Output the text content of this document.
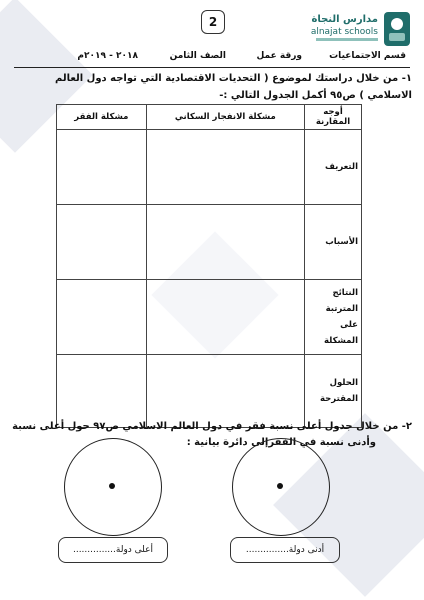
2	مدارس النجاة
alnajat schools
قسم الاجتماعيات
ورقة عمل
الصف الثامن
٢٠١٨ - ٢٠١٩م
١- من خلال دراستك لموضوع ( التحديات الاقتصادية التي تواجه دول العالم
الاسلامي ) ص٩٥ أكمل الجدول التالي :-
أوجه المقارنة	مشكلة الانفجار السكاني	مشكلة الفقر
التعريف		
الأسباب		
النتائج المترتبة على المشكلة		
الحلول المقترحة		
٢- من خلال جدول أعلى نسبة فقر في دول العالم الاسلامي ص٩٧ حول أعلى نسبة
وأدنى نسبة في الفقرإلى دائرة بيانية :
أعلى دولة...............	أدنى دولة...............
